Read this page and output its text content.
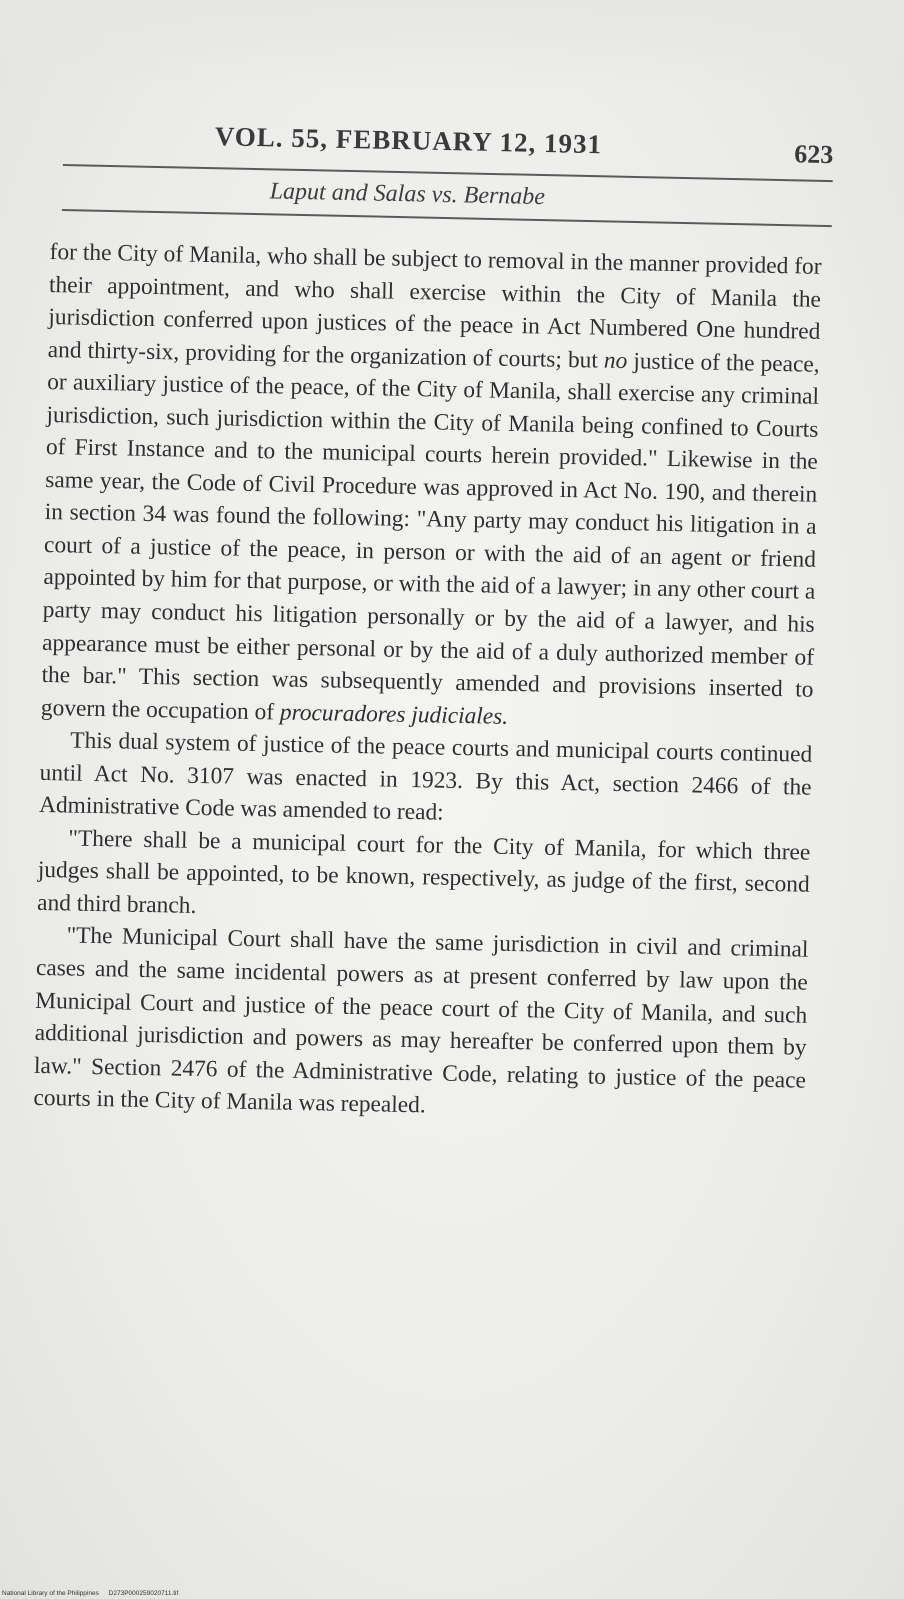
VOL. 55, FEBRUARY 12, 1931	623
Laput and Salas vs. Bernabe

for the City of Manila, who shall be subject to removal in the manner provided for their appointment, and who shall exercise within the City of Manila the jurisdiction conferred upon justices of the peace in Act Numbered One hundred and thirty-six, providing for the organization of courts; but no justice of the peace, or auxiliary justice of the peace, of the City of Manila, shall exercise any criminal jurisdiction, such jurisdiction within the City of Manila being confined to Courts of First Instance and to the municipal courts herein provided." Likewise in the same year, the Code of Civil Procedure was approved in Act No. 190, and therein in section 34 was found the following: "Any party may conduct his litigation in a court of a justice of the peace, in person or with the aid of an agent or friend appointed by him for that purpose, or with the aid of a lawyer; in any other court a party may conduct his litigation personally or by the aid of a lawyer, and his appearance must be either personal or by the aid of a duly authorized member of the bar." This section was subsequently amended and provisions inserted to govern the occupation of procuradores judiciales.

This dual system of justice of the peace courts and municipal courts continued until Act No. 3107 was enacted in 1923. By this Act, section 2466 of the Administrative Code was amended to read:

"There shall be a municipal court for the City of Manila, for which three judges shall be appointed, to be known, respectively, as judge of the first, second and third branch.

"The Municipal Court shall have the same jurisdiction in civil and criminal cases and the same incidental powers as at present conferred by law upon the Municipal Court and justice of the peace court of the City of Manila, and such additional jurisdiction and powers as may hereafter be conferred upon them by law." Section 2476 of the Administrative Code, relating to justice of the peace courts in the City of Manila was repealed.

National Library of the Philippines D273P000259020711.tif
